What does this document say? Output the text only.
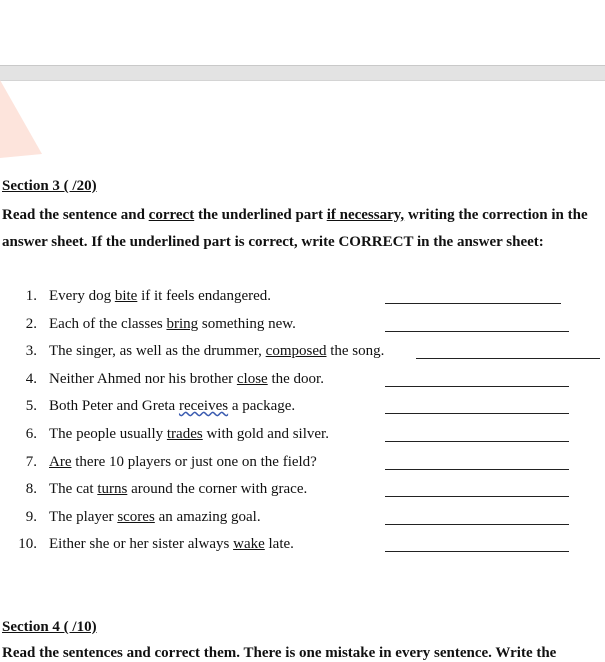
Section 3 ( /20)
Read the sentence and correct the underlined part if necessary, writing the correction in the answer sheet. If the underlined part is correct, write CORRECT in the answer sheet:
1. Every dog bite if it feels endangered.
2. Each of the classes bring something new.
3. The singer, as well as the drummer, composed the song.
4. Neither Ahmed nor his brother close the door.
5. Both Peter and Greta receives a package.
6. The people usually trades with gold and silver.
7. Are there 10 players or just one on the field?
8. The cat turns around the corner with grace.
9. The player scores an amazing goal.
10. Either she or her sister always wake late.
Section 4 ( /10)
Read the sentences and correct them. There is one mistake in every sentence. Write the
